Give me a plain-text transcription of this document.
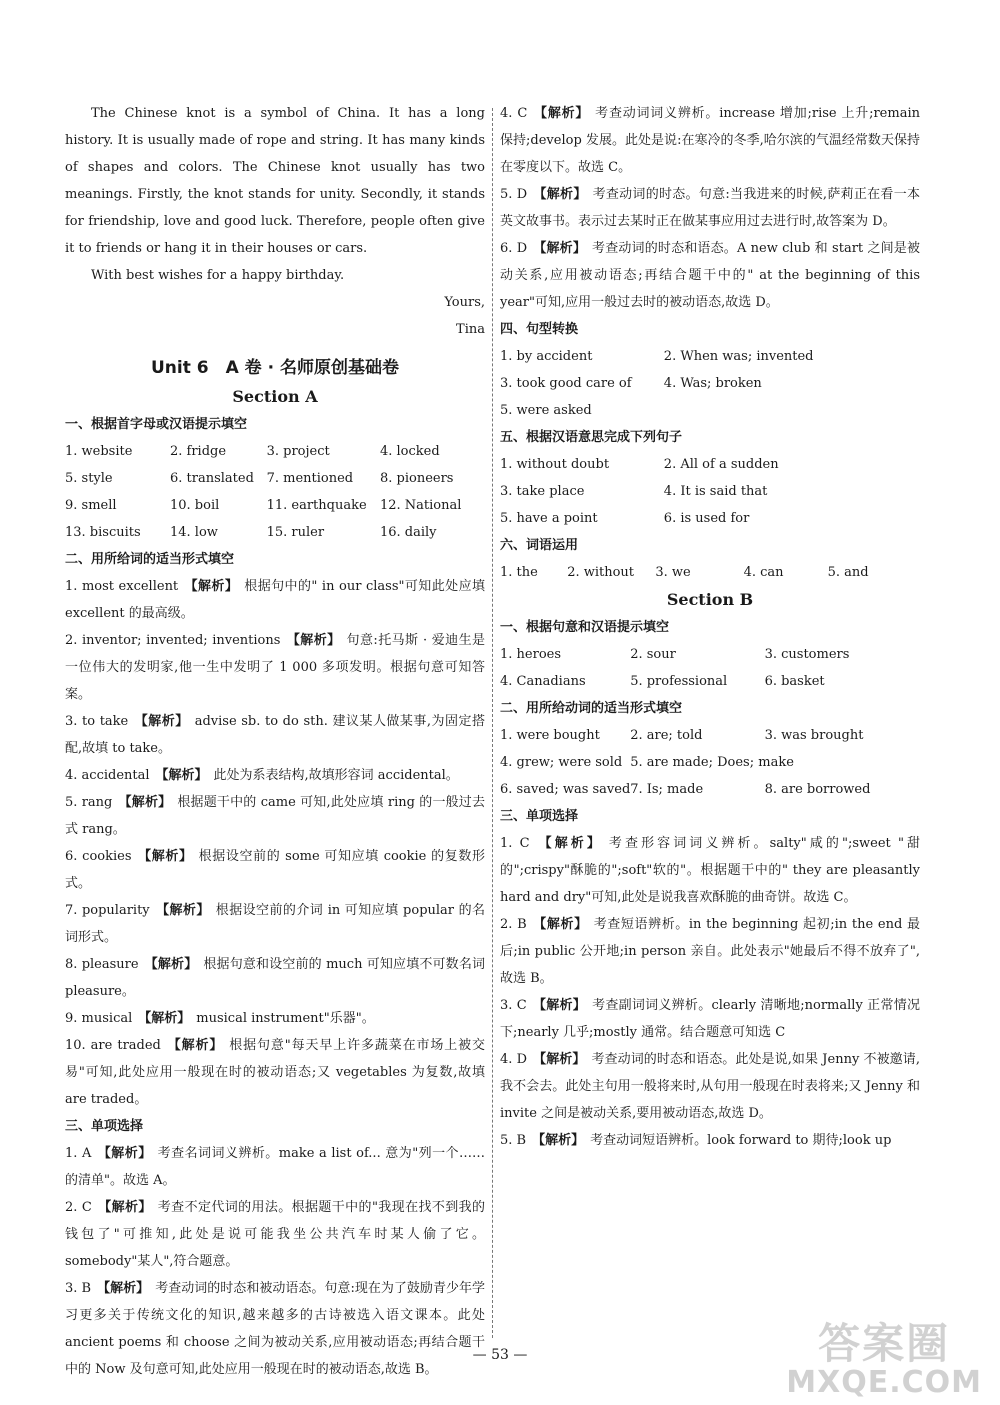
The Chinese knot is a symbol of China. It has a long history. It is usually made of rope and string. It has many kinds of shapes and colors. The Chinese knot usually has two meanings. Firstly, the knot stands for unity. Secondly, it stands for friendship, love and good luck. Therefore, people often give it to friends or hang it in their houses or cars.

With best wishes for a happy birthday.

Yours,

Tina

Unit 6　A 卷 · 名师原创基础卷
Section A
一、根据首字母或汉语提示填空
1. website	2. fridge	3. project	4. locked
5. style	6. translated 7. mentioned	8. pioneers
9. smell	10. boil	11. earthquake	12. National
13. biscuits	14. low	15. ruler	16. daily
二、用所给词的适当形式填空

1. most excellent 【解析】 根据句中的" in our class"可知此处应填 excellent 的最高级。

2. inventor; invented; inventions 【解析】 句意:托马斯 · 爱迪生是一位伟大的发明家,他一生中发明了 1 000 多项发明。根据句意可知答案。

3. to take 【解析】 advise sb. to do sth. 建议某人做某事,为固定搭配,故填 to take。

4. accidental 【解析】 此处为系表结构,故填形容词 accidental。

5. rang 【解析】 根据题干中的 came 可知,此处应填 ring 的一般过去式 rang。

6. cookies 【解析】 根据设空前的 some 可知应填 cookie 的复数形式。

7. popularity 【解析】 根据设空前的介词 in 可知应填 popular 的名词形式。

8. pleasure 【解析】 根据句意和设空前的 much 可知应填不可数名词 pleasure。

9. musical 【解析】 musical instrument"乐器"。

10. are traded 【解析】 根据句意"每天早上许多蔬菜在市场上被交易"可知,此处应用一般现在时的被动语态;又 vegetables 为复数,故填 are traded。

三、单项选择

1. A 【解析】 考查名词词义辨析。make a list of... 意为"列一个……的清单"。故选 A。

2. C 【解析】 考查不定代词的用法。根据题干中的"我现在找不到我的钱包了"可推知,此处是说可能我坐公共汽车时某人偷了它。somebody"某人",符合题意。

3. B 【解析】 考查动词的时态和被动语态。句意:现在为了鼓励青少年学习更多关于传统文化的知识,越来越多的古诗被选入语文课本。此处 ancient poems 和 choose 之间为被动关系,应用被动语态;再结合题干中的 Now 及句意可知,此处应用一般现在时的被动语态,故选 B。

4. C 【解析】 考查动词词义辨析。increase 增加;rise 上升;remain 保持;develop 发展。此处是说:在寒冷的冬季,哈尔滨的气温经常数天保持在零度以下。故选 C。

5. D 【解析】 考查动词的时态。句意:当我进来的时候,萨莉正在看一本英文故事书。表示过去某时正在做某事应用过去进行时,故答案为 D。

6. D 【解析】 考查动词的时态和语态。A new club 和 start 之间是被动关系,应用被动语态;再结合题干中的" at the beginning of this year"可知,应用一般过去时的被动语态,故选 D。

四、句型转换
1. by accident	2. When was; invented
3. took good care of	4. Was; broken
5. were asked
五、根据汉语意思完成下列句子
1. without doubt	2. All of a sudden
3. take place	4. It is said that
5. have a point	6. is used for
六、词语运用
1. the	2. without	3. we	4. can	5. and
Section B
一、根据句意和汉语提示填空
1. heroes	2. sour	3. customers
4. Canadians	5. professional	6. basket
二、用所给动词的适当形式填空
1. were bought	2. are; told	3. was brought
4. grew; were sold 5. are made; Does; make
6. saved; was saved 7. Is; made	8. are borrowed
三、单项选择

1. C 【解析】 考查形容词词义辨析。salty"咸的";sweet "甜的";crispy"酥脆的";soft"软的"。根据题干中的" they are pleasantly hard and dry"可知,此处是说我喜欢酥脆的曲奇饼。故选 C。

2. B 【解析】 考查短语辨析。in the beginning 起初;in the end 最后;in public 公开地;in person 亲自。此处表示"她最后不得不放弃了",故选 B。

3. C 【解析】 考查副词词义辨析。clearly 清晰地;normally 正常情况下;nearly 几乎;mostly 通常。结合题意可知选 C

4. D 【解析】 考查动词的时态和语态。此处是说,如果 Jenny 不被邀请,我不会去。此处主句用一般将来时,从句用一般现在时表将来;又 Jenny 和 invite 之间是被动关系,要用被动语态,故选 D。

5. B 【解析】 考查动词短语辨析。look forward to 期待;look up

— 53 —	答案圈
MXQE.COM
